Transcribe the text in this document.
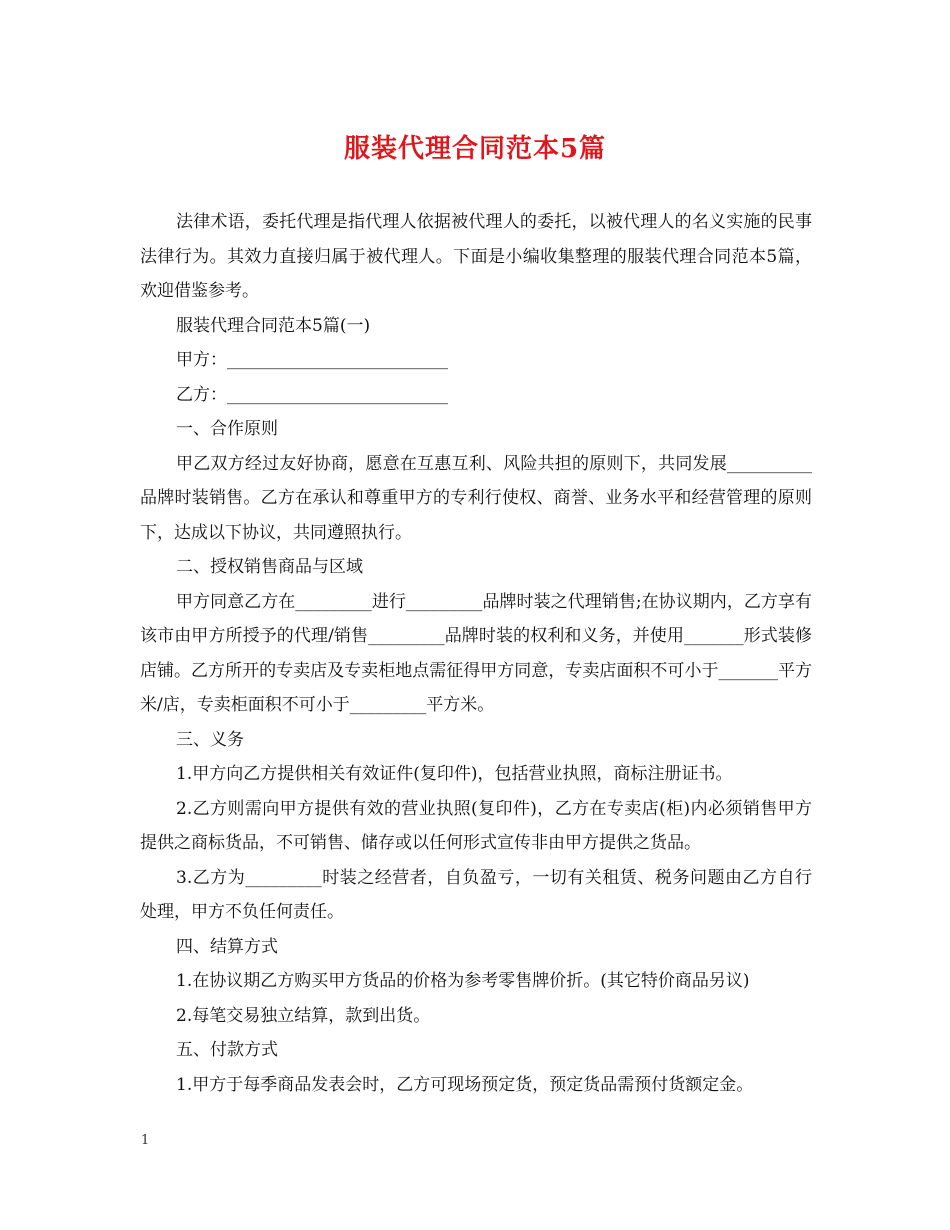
服装代理合同范本5篇

法律术语，委托代理是指代理人依据被代理人的委托，以被代理人的名义实施的民事法律行为。其效力直接归属于被代理人。下面是小编收集整理的服装代理合同范本5篇，欢迎借鉴参考。

服装代理合同范本5篇(一)

甲方：__________________________

乙方：__________________________

一、合作原则

甲乙双方经过友好协商，愿意在互惠互利、风险共担的原则下，共同发展__________品牌时装销售。乙方在承认和尊重甲方的专利行使权、商誉、业务水平和经营管理的原则下，达成以下协议，共同遵照执行。

二、授权销售商品与区域

甲方同意乙方在_________进行_________品牌时装之代理销售;在协议期内，乙方享有该市由甲方所授予的代理/销售_________品牌时装的权利和义务，并使用_______形式装修店铺。乙方所开的专卖店及专卖柜地点需征得甲方同意，专卖店面积不可小于_______平方米/店，专卖柜面积不可小于_________平方米。

三、义务

1.甲方向乙方提供相关有效证件(复印件)，包括营业执照，商标注册证书。

2.乙方则需向甲方提供有效的营业执照(复印件)，乙方在专卖店(柜)内必须销售甲方提供之商标货品，不可销售、储存或以任何形式宣传非由甲方提供之货品。

3.乙方为_________时装之经营者，自负盈亏，一切有关租赁、税务问题由乙方自行处理，甲方不负任何责任。

四、结算方式

1.在协议期乙方购买甲方货品的价格为参考零售牌价折。(其它特价商品另议)

2.每笔交易独立结算，款到出货。

五、付款方式

1.甲方于每季商品发表会时，乙方可现场预定货，预定货品需预付货额定金。

1
